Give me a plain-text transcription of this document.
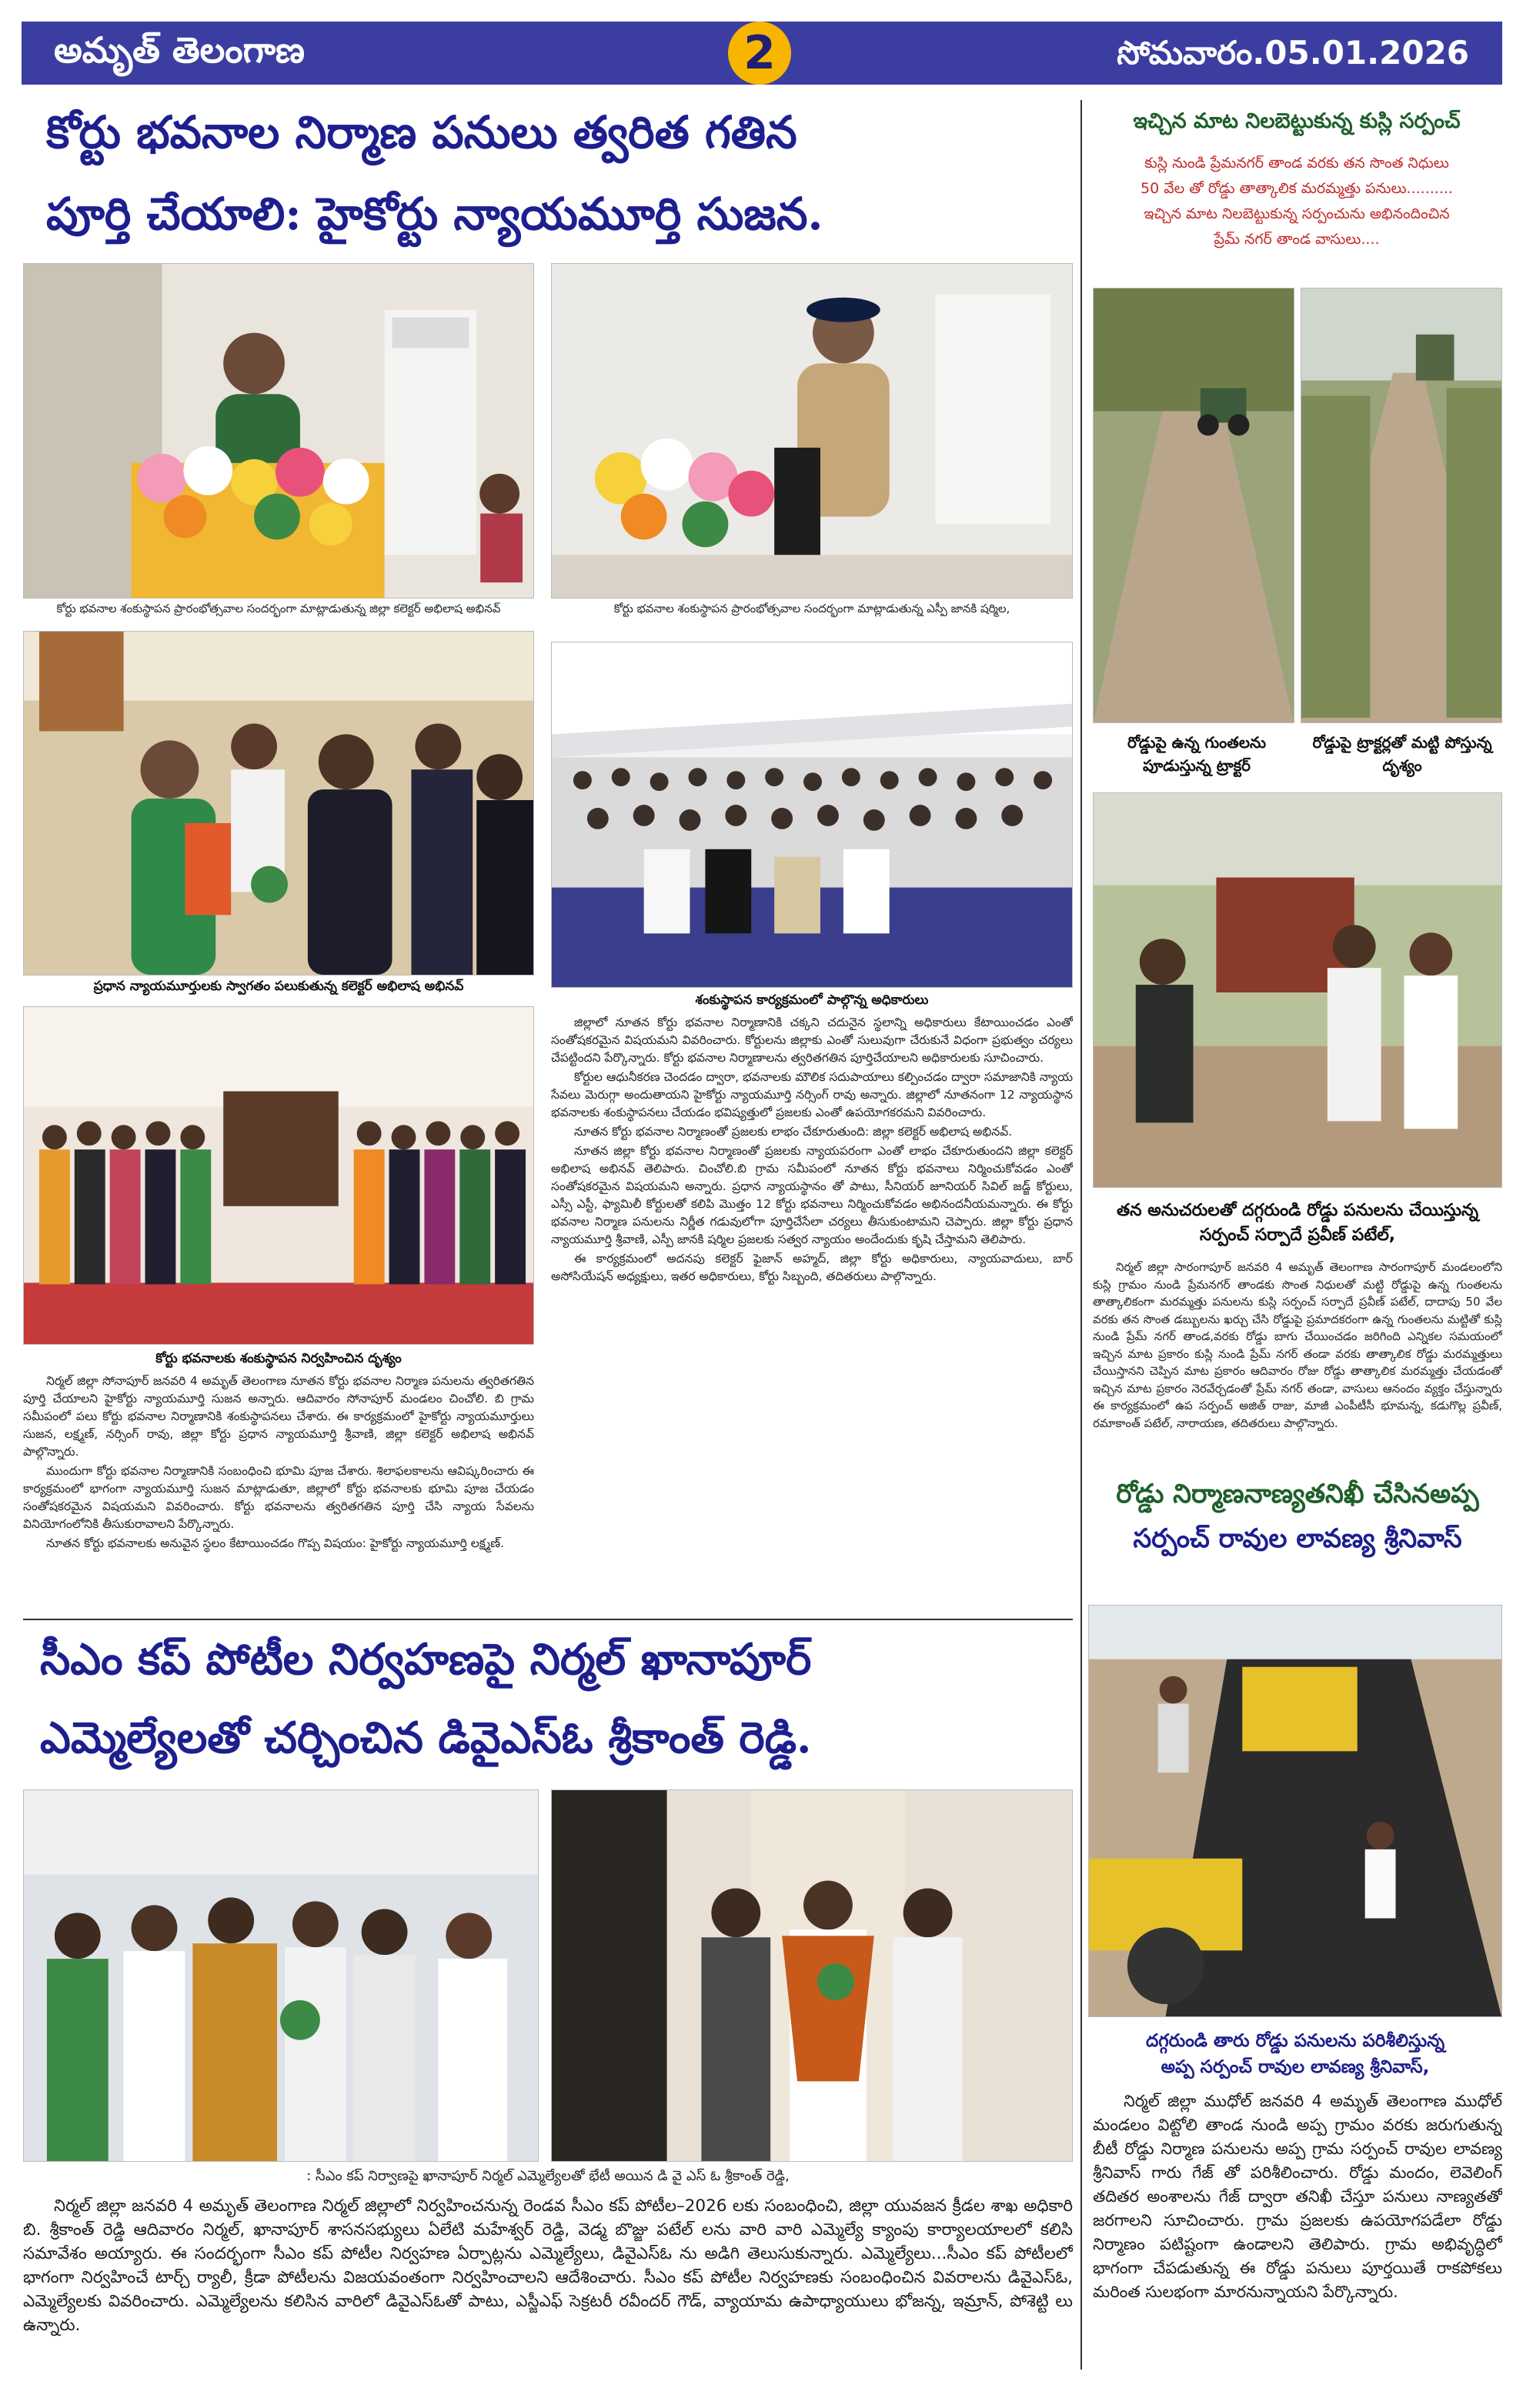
అమృత్ తెలంగాణ	2	సోమవారం.05.01.2026
కోర్టు భవనాల నిర్మాణ పనులు త్వరిత గతిన
పూర్తి చేయాలి: హైకోర్టు న్యాయమూర్తి సుజన.
కోర్టు భవనాల శంకుస్థాపన ప్రారంభోత్సవాల సందర్భంగా మాట్లాడుతున్న జిల్లా కలెక్టర్ అభిలాష అభినవ్	కోర్టు భవనాల శంకుస్థాపన ప్రారంభోత్సవాల సందర్భంగా మాట్లాడుతున్న ఎస్పీ జానకి షర్మిల,
ప్రధాన న్యాయమూర్తులకు స్వాగతం పలుకుతున్న కలెక్టర్ అభిలాష అభినవ్
శంకుస్థాపన కార్యక్రమంలో పాల్గొన్న అధికారులు
కోర్టు భవనాలకు శంకుస్థాపన నిర్వహించిన దృశ్యం

నిర్మల్ జిల్లా సోనాపూర్ జనవరి 4 అమృత్ తెలంగాణ నూతన కోర్టు భవనాల నిర్మాణ పనులను త్వరితగతిన పూర్తి చేయాలని హైకోర్టు న్యాయమూర్తి సుజన అన్నారు. ఆదివారం సోనాపూర్ మండలం చించోలి. బి గ్రామ సమీపంలో పలు కోర్టు భవనాల నిర్మాణానికి శంకుస్థాపనలు చేశారు. ఈ కార్యక్రమంలో హైకోర్టు న్యాయమూర్తులు సుజన, లక్ష్మణ్, నర్సింగ్ రావు, జిల్లా కోర్టు ప్రధాన న్యాయమూర్తి శ్రీవాణి, జిల్లా కలెక్టర్ అభిలాష అభినవ్ పాల్గొన్నారు.

ముందుగా కోర్టు భవనాల నిర్మాణానికి సంబంధించి భూమి పూజ చేశారు. శిలాఫలకాలను ఆవిష్కరించారు ఈ కార్యక్రమంలో భాగంగా న్యాయమూర్తి సుజన మాట్లాడుతూ, జిల్లాలో కోర్టు భవనాలకు భూమి పూజ చేయడం సంతోషకరమైన విషయమని వివరించారు. కోర్టు భవనాలను త్వరితగతిన పూర్తి చేసి న్యాయ సేవలను వినియోగంలోనికి తీసుకురావాలని పేర్కొన్నారు.

నూతన కోర్టు భవనాలకు అనువైన స్థలం కేటాయించడం గొప్ప విషయం: హైకోర్టు న్యాయమూర్తి లక్ష్మణ్.

జిల్లాలో నూతన కోర్టు భవనాల నిర్మాణానికి చక్కని చదునైన స్థలాన్ని అధికారులు కేటాయించడం ఎంతో సంతోషకరమైన విషయమని వివరించారు. కోర్టులను జిల్లాకు ఎంతో సులువుగా చేరుకునే విధంగా ప్రభుత్వం చర్యలు చేపట్టిందని పేర్కొన్నారు. కోర్టు భవనాల నిర్మాణాలను త్వరితగతిన పూర్తిచేయాలని అధికారులకు సూచించారు.

కోర్టుల ఆధునీకరణ చెందడం ద్వారా, భవనాలకు మౌలిక సదుపాయాలు కల్పించడం ద్వారా సమాజానికి న్యాయ సేవలు మెరుగ్గా అందుతాయని హైకోర్టు న్యాయమూర్తి నర్సింగ్ రావు అన్నారు. జిల్లాలో నూతనంగా 12 న్యాయస్థాన భవనాలకు శంకుస్థాపనలు చేయడం భవిష్యత్తులో ప్రజలకు ఎంతో ఉపయోగకరమని వివరించారు.

నూతన కోర్టు భవనాల నిర్మాణంతో ప్రజలకు లాభం చేకూరుతుంది: జిల్లా కలెక్టర్ అభిలాష అభినవ్.

నూతన జిల్లా కోర్టు భవనాల నిర్మాణంతో ప్రజలకు న్యాయపరంగా ఎంతో లాభం చేకూరుతుందని జిల్లా కలెక్టర్ అభిలాష అభినవ్ తెలిపారు. చించోలి.బి గ్రామ సమీపంలో నూతన కోర్టు భవనాలు నిర్మించుకోవడం ఎంతో సంతోషకరమైన విషయమని అన్నారు. ప్రధాన న్యాయస్థానం తో పాటు, సీనియర్ జూనియర్ సివిల్ జడ్జ్ కోర్టులు, ఎస్సీ ఎస్టీ, ఫ్యామిలీ కోర్టులతో కలిపి మొత్తం 12 కోర్టు భవనాలు నిర్మించుకోవడం అభినందనీయమన్నారు. ఈ కోర్టు భవనాల నిర్మాణ పనులను నిర్ణీత గడువులోగా పూర్తిచేసేలా చర్యలు తీసుకుంటామని చెప్పారు. జిల్లా కోర్టు ప్రధాన న్యాయమూర్తి శ్రీవాణి, ఎస్పీ జానకి షర్మిల ప్రజలకు సత్వర న్యాయం అందేందుకు కృషి చేస్తామని తెలిపారు.

ఈ కార్యక్రమంలో అదనపు కలెక్టర్ ఫైజాన్ అహ్మద్, జిల్లా కోర్టు అధికారులు, న్యాయవాదులు, బార్ అసోసియేషన్ అధ్యక్షులు, ఇతర అధికారులు, కోర్టు సిబ్బంది, తదితరులు పాల్గొన్నారు.

ఇచ్చిన మాట నిలబెట్టుకున్న కుస్లి సర్పంచ్
కుస్లి నుండి ప్రేమనగర్ తాండ వరకు తన సొంత నిధులు
50 వేల తో రోడ్డు తాత్కాలిక మరమ్మత్తు పనులు..........
ఇచ్చిన మాట నిలబెట్టుకున్న సర్పంచును అభినందించిన
ప్రేమ్ నగర్ తాండ వాసులు....
రోడ్డుపై ఉన్న గుంతలను పూడుస్తున్న ట్రాక్టర్
రోడ్డుపై ట్రాక్టర్లతో మట్టి పోస్తున్న దృశ్యం
తన అనుచరులతో దగ్గరుండి రోడ్డు పనులను చేయిస్తున్న సర్పంచ్ సర్పాదే ప్రవీణ్ పటేల్,

నిర్మల్ జిల్లా సారంగాపూర్ జనవరి 4 అమృత్ తెలంగాణ సారంగాపూర్ మండలంలోని కుస్లి గ్రామం నుండి ప్రేమనగర్ తాండకు సొంత నిధులతో మట్టి రోడ్డుపై ఉన్న గుంతలను తాత్కాలికంగా మరమ్మత్తు పనులను కుస్లి సర్పంచ్ సర్పాదే ప్రవీణ్ పటేల్, దాదాపు 50 వేల వరకు తన సొంత డబ్బులను ఖర్చు చేసి రోడ్డుపై ప్రమాదకరంగా ఉన్న గుంతలను మట్టితో కుస్లి నుండి ప్రేమ్ నగర్ తాండ,వరకు రోడ్డు బాగు చేయించడం జరిగింది ఎన్నికల సమయంలో ఇచ్చిన మాట ప్రకారం కుస్లి నుండి ప్రేమ్ నగర్ తండా వరకు తాత్కాలిక రోడ్డు మరమ్మత్తులు చేయిస్తానని చెప్పిన మాట ప్రకారం ఆదివారం రోజు రోడ్డు తాత్కాలిక మరమ్మత్తు చేయడంతో ఇచ్చిన మాట ప్రకారం నెరవేర్చడంతో ప్రేమ్ నగర్ తండా, వాసులు ఆనందం వ్యక్తం చేస్తున్నారు ఈ కార్యక్రమంలో ఉప సర్పంచ్ అజిత్ రాజు, మాజీ ఎంపీటీసీ భూమన్న, కడుగొల్ల ప్రవీణ్, రమాకాంత్ పటేల్, నారాయణ, తదితరులు పాల్గొన్నారు.

రోడ్డు నిర్మాణనాణ్యతనిఖీ చేసినఅప్ప
సర్పంచ్ రావుల లావణ్య శ్రీనివాస్
దగ్గరుండి తారు రోడ్డు పనులను పరిశీలిస్తున్న
అప్ప సర్పంచ్ రావుల లావణ్య శ్రీనివాస్,

నిర్మల్ జిల్లా ముధోల్ జనవరి 4 అమృత్ తెలంగాణ ముధోల్ మండలం విట్టోలి తాండ నుండి అప్ప గ్రామం వరకు జరుగుతున్న బీటీ రోడ్డు నిర్మాణ పనులను అప్ప గ్రామ సర్పంచ్ రావుల లావణ్య శ్రీనివాస్ గారు గేజ్ తో పరిశీలించారు. రోడ్డు మందం, లెవెలింగ్ తదితర అంశాలను గేజ్ ద్వారా తనిఖీ చేస్తూ పనులు నాణ్యతతో జరగాలని సూచించారు. గ్రామ ప్రజలకు ఉపయోగపడేలా రోడ్డు నిర్మాణం పటిష్టంగా ఉండాలని తెలిపారు. గ్రామ అభివృద్ధిలో భాగంగా చేపడుతున్న ఈ రోడ్డు పనులు పూర్తయితే రాకపోకలు మరింత సులభంగా మారనున్నాయని పేర్కొన్నారు.

సీఎం కప్ పోటీల నిర్వహణపై నిర్మల్ ఖానాపూర్
ఎమ్మెల్యేలతో చర్చించిన డివైఎస్ఓ శ్రీకాంత్ రెడ్డి.
: సీఎం కప్ నిర్వాణపై ఖానాపూర్ నిర్మల్ ఎమ్మెల్యేలతో భేటీ అయిన డి వై ఎస్ ఓ శ్రీకాంత్ రెడ్డి,

నిర్మల్ జిల్లా జనవరి 4 అమృత్ తెలంగాణ నిర్మల్ జిల్లాలో నిర్వహించనున్న రెండవ సీఎం కప్ పోటీల–2026 లకు సంబంధించి, జిల్లా యువజన క్రీడల శాఖ అధికారి బి. శ్రీకాంత్ రెడ్డి ఆదివారం నిర్మల్, ఖానాపూర్ శాసనసభ్యులు ఏలేటి మహేశ్వర్ రెడ్డి, వెడ్మ బొజ్జు పటేల్ లను వారి వారి ఎమ్మెల్యే క్యాంపు కార్యాలయాలలో కలిసి సమావేశం అయ్యారు. ఈ సందర్భంగా సీఎం కప్ పోటీల నిర్వహణ ఏర్పాట్లను ఎమ్మెల్యేలు, డివైఎస్ఓ ను అడిగి తెలుసుకున్నారు. ఎమ్మెల్యేలు...సీఎం కప్ పోటీలలో భాగంగా నిర్వహించే టార్చ్ ర్యాలీ, క్రీడా పోటీలను విజయవంతంగా నిర్వహించాలని ఆదేశించారు. సీఎం కప్ పోటీల నిర్వహణకు సంబంధించిన వివరాలను డివైఎస్ఓ, ఎమ్మెల్యేలకు వివరించారు. ఎమ్మెల్యేలను కలిసిన వారిలో డివైఎస్ఓతో పాటు, ఎస్జీఎఫ్ సెక్రటరీ రవీందర్ గౌడ్, వ్యాయామ ఉపాధ్యాయులు భోజన్న, ఇమ్రాన్, పోశెట్టి లు ఉన్నారు.
